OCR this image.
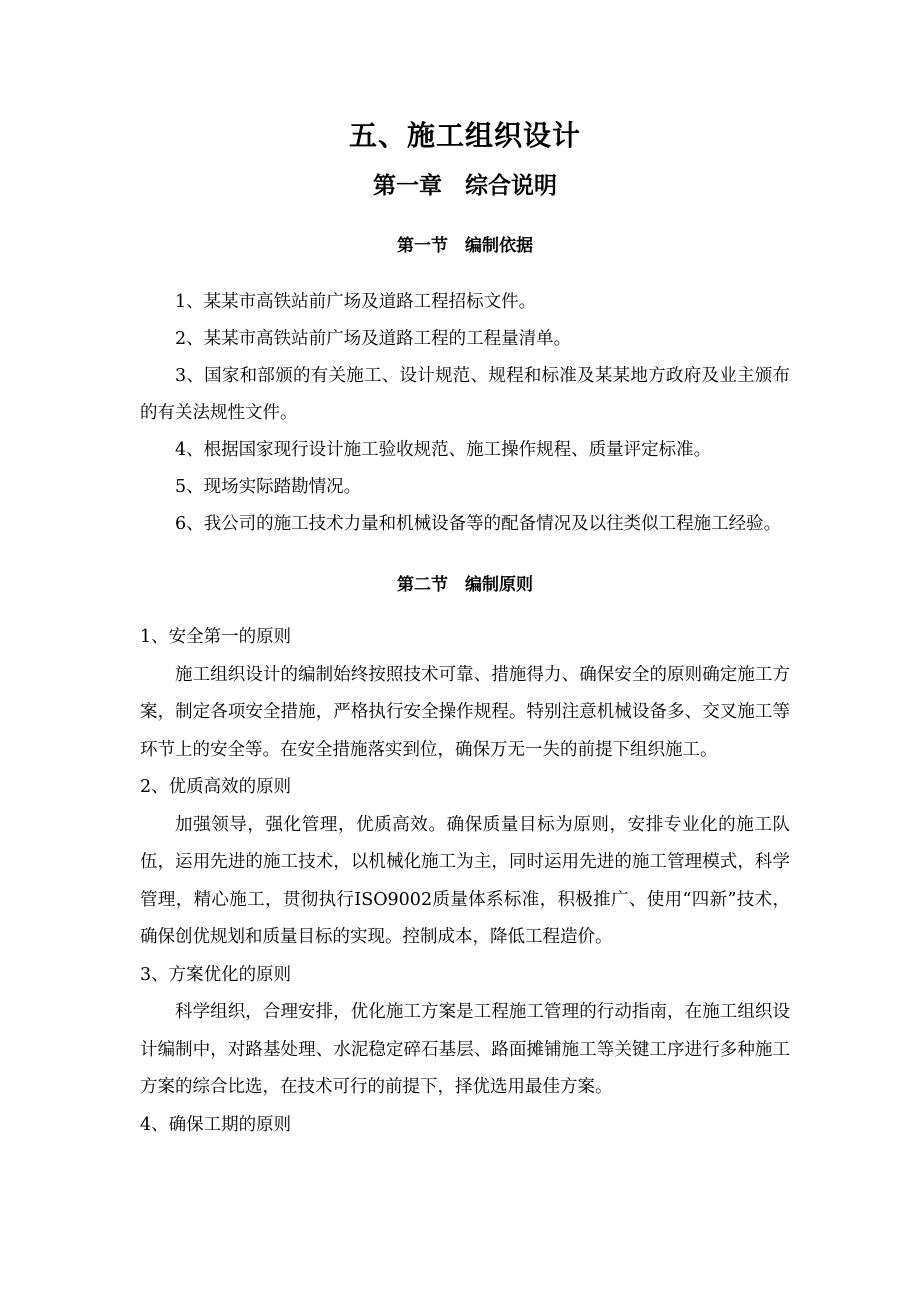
五、施工组织设计
第一章　综合说明
第一节　编制依据

1、某某市高铁站前广场及道路工程招标文件。

2、某某市高铁站前广场及道路工程的工程量清单。

3、国家和部颁的有关施工、设计规范、规程和标准及某某地方政府及业主颁布的有关法规性文件。

4、根据国家现行设计施工验收规范、施工操作规程、质量评定标准。

5、现场实际踏勘情况。

6、我公司的施工技术力量和机械设备等的配备情况及以往类似工程施工经验。

第二节　编制原则

1、安全第一的原则

施工组织设计的编制始终按照技术可靠、措施得力、确保安全的原则确定施工方案，制定各项安全措施，严格执行安全操作规程。特别注意机械设备多、交叉施工等环节上的安全等。在安全措施落实到位，确保万无一失的前提下组织施工。

2、优质高效的原则

加强领导，强化管理，优质高效。确保质量目标为原则，安排专业化的施工队伍，运用先进的施工技术，以机械化施工为主，同时运用先进的施工管理模式，科学管理，精心施工，贯彻执行ISO9002质量体系标准，积极推广、使用“四新”技术，确保创优规划和质量目标的实现。控制成本，降低工程造价。

3、方案优化的原则

科学组织，合理安排，优化施工方案是工程施工管理的行动指南，在施工组织设计编制中，对路基处理、水泥稳定碎石基层、路面摊铺施工等关键工序进行多种施工方案的综合比选，在技术可行的前提下，择优选用最佳方案。

4、确保工期的原则
